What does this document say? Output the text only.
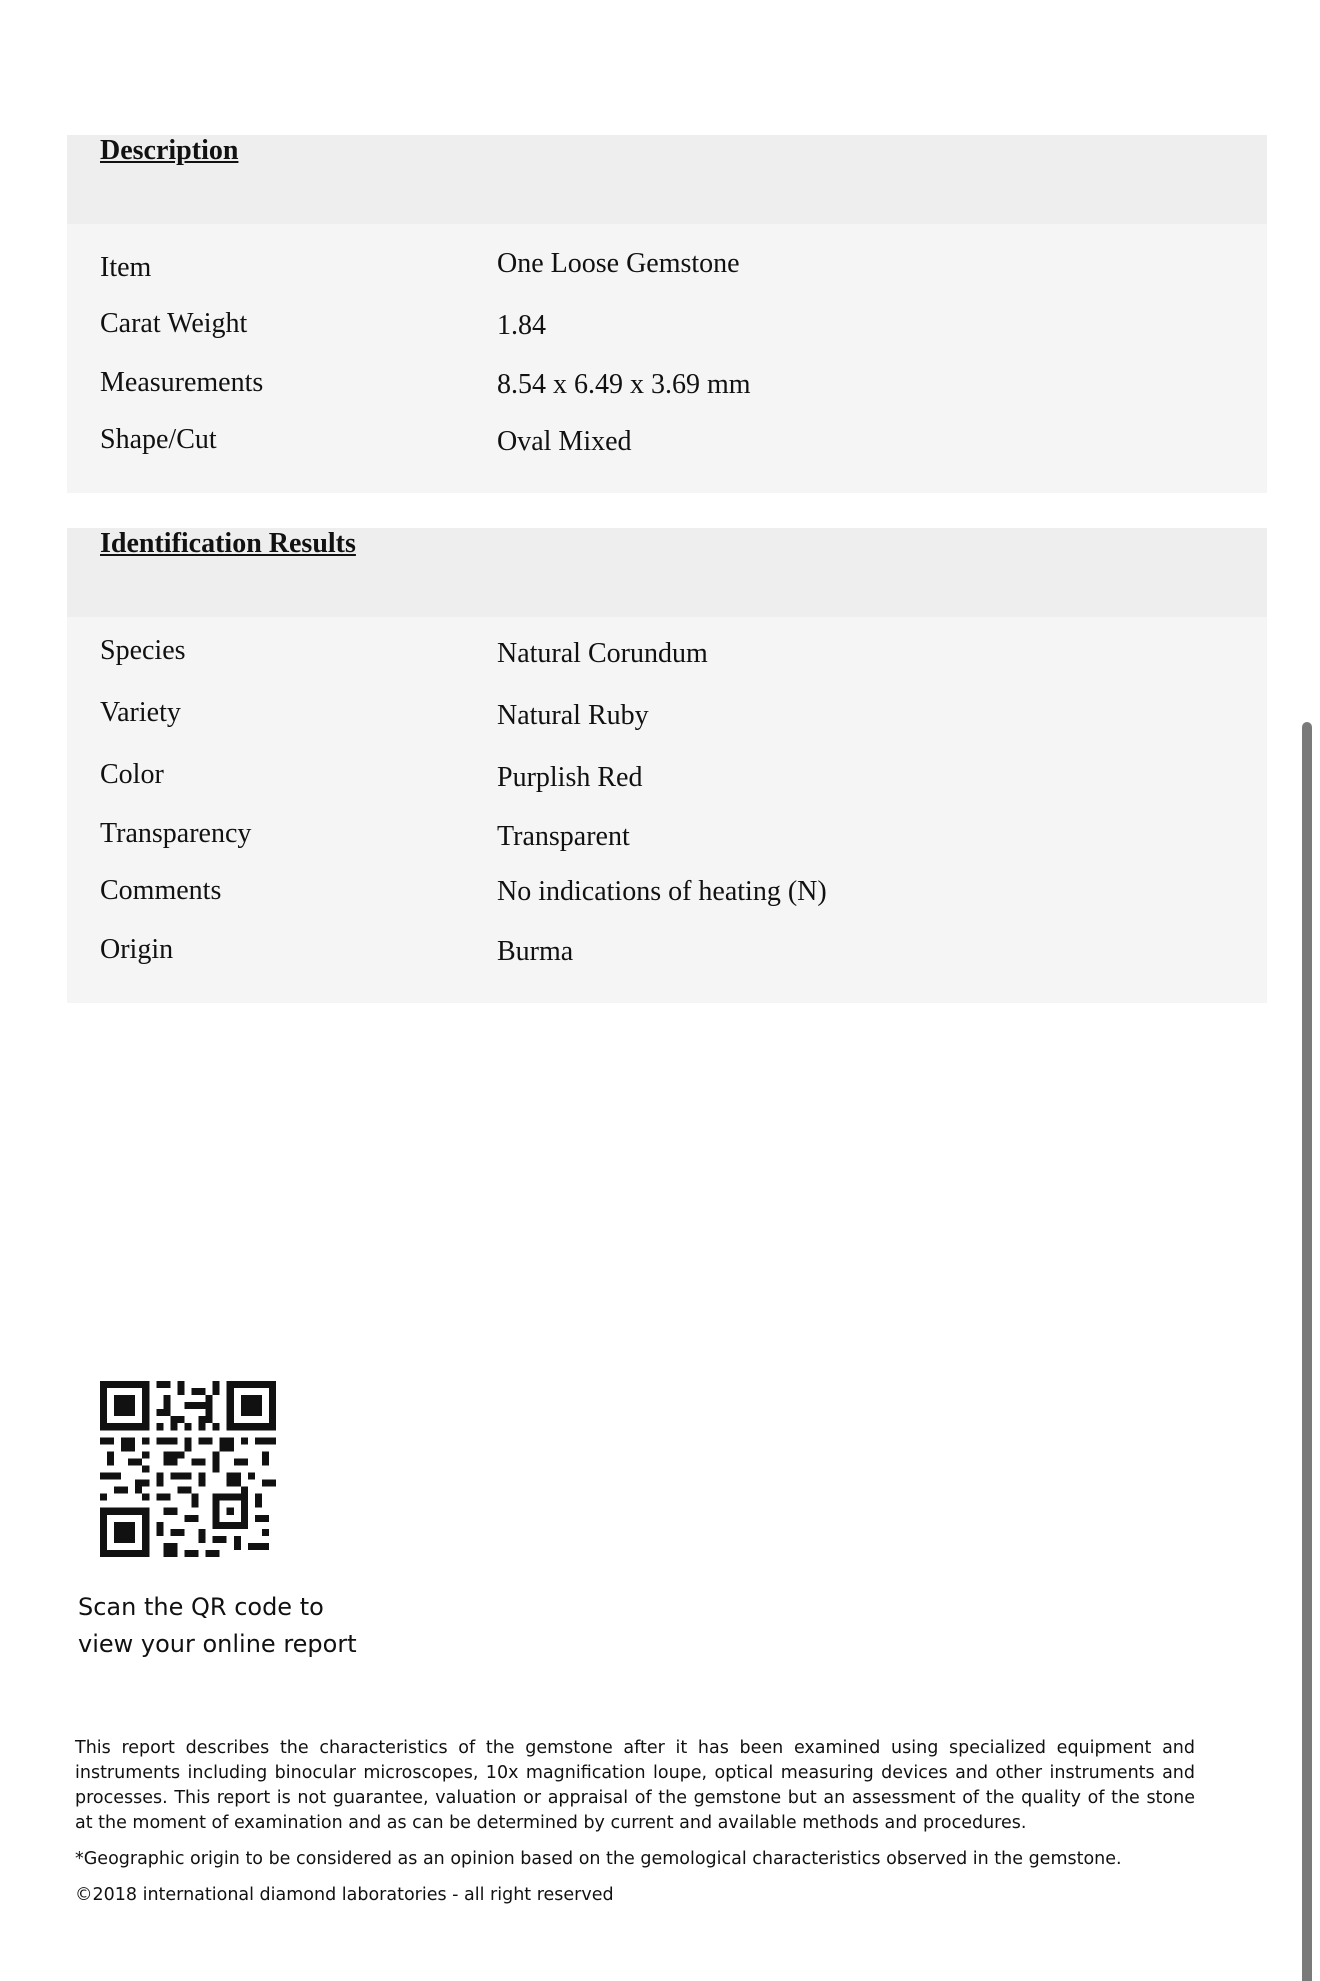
Description
Item	One Loose Gemstone
Carat Weight	1.84
Measurements	8.54 x 6.49 x 3.69 mm
Shape/Cut	Oval Mixed
Identification Results
Species	Natural Corundum
Variety	Natural Ruby
Color	Purplish Red
Transparency	Transparent
Comments	No indications of heating (N)
Origin	Burma
Scan the QR code to
view your online report
This report describes the characteristics of the gemstone after it has been examined using specialized equipment and instruments including binocular microscopes, 10x magnification loupe, optical measuring devices and other instruments and processes. This report is not guarantee, valuation or appraisal of the gemstone but an assessment of the quality of the stone at the moment of examination and as can be determined by current and available methods and procedures.
*Geographic origin to be considered as an opinion based on the gemological characteristics observed in the gemstone.
©2018 international diamond laboratories - all right reserved
